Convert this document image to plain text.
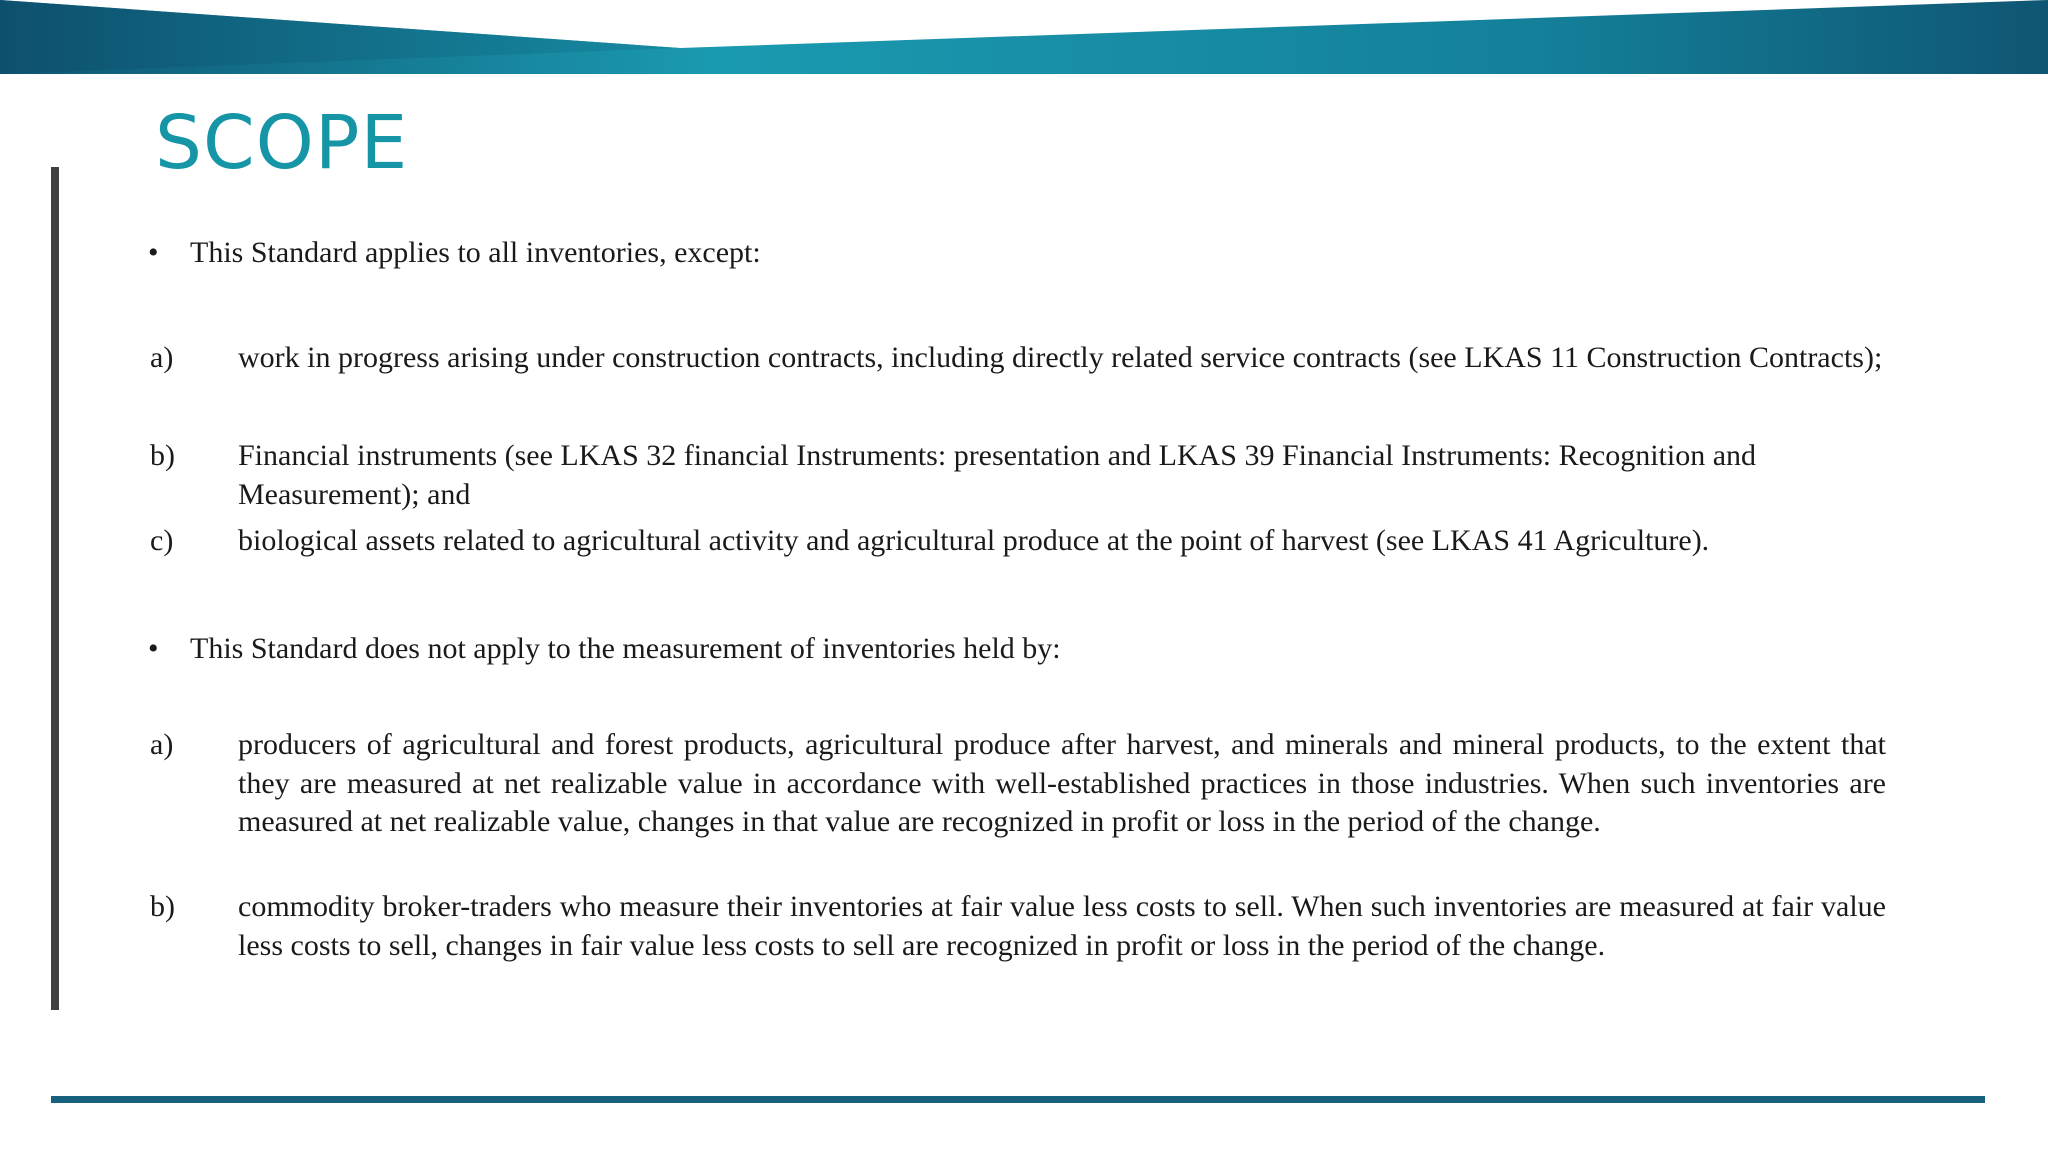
SCOPE
• This Standard applies to all inventories, except:
a) work in progress arising under construction contracts, including directly related service contracts (see LKAS 11 Construction Contracts);
b) Financial instruments (see LKAS 32 financial Instruments: presentation and LKAS 39 Financial Instruments: Recognition and Measurement); and
c) biological assets related to agricultural activity and agricultural produce at the point of harvest (see LKAS 41 Agriculture).
• This Standard does not apply to the measurement of inventories held by:
a) producers of agricultural and forest products, agricultural produce after harvest, and minerals and mineral products, to the extent that they are measured at net realizable value in accordance with well-established practices in those industries. When such inventories are measured at net realizable value, changes in that value are recognized in profit or loss in the period of the change.
b) commodity broker-traders who measure their inventories at fair value less costs to sell. When such inventories are measured at fair value less costs to sell, changes in fair value less costs to sell are recognized in profit or loss in the period of the change.
